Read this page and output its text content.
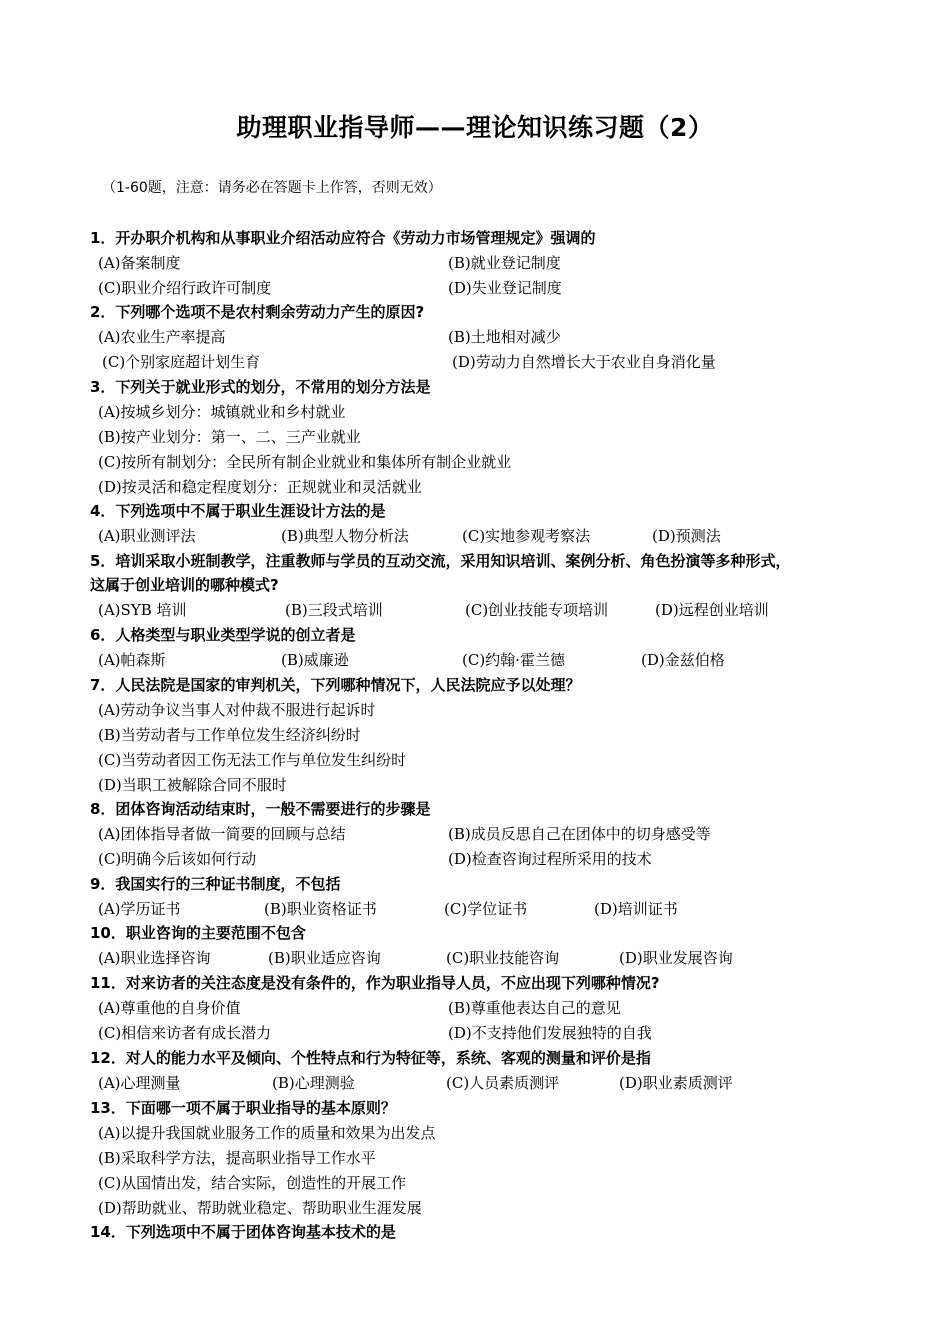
助理职业指导师——理论知识练习题（2）
（1-60题，注意：请务必在答题卡上作答，否则无效）
1．开办职介机构和从事职业介绍活动应符合《劳动力市场管理规定》强调的
(A)备案制度	(B)就业登记制度
(C)职业介绍行政许可制度	(D)失业登记制度
2．下列哪个选项不是农村剩余劳动力产生的原因?
(A)农业生产率提高	(B)土地相对减少
(C)个别家庭超计划生育	(D)劳动力自然增长大于农业自身消化量
3．下列关于就业形式的划分，不常用的划分方法是
(A)按城乡划分：城镇就业和乡村就业
(B)按产业划分：第一、二、三产业就业
(C)按所有制划分：全民所有制企业就业和集体所有制企业就业
(D)按灵活和稳定程度划分：正规就业和灵活就业
4．下列选项中不属于职业生涯设计方法的是
(A)职业测评法	(B)典型人物分析法	(C)实地参观考察法	(D)预测法
5．培训采取小班制教学，注重教师与学员的互动交流，采用知识培训、案例分析、角色扮演等多种形式，
这属于创业培训的哪种模式?
(A)SYB 培训	(B)三段式培训	(C)创业技能专项培训	(D)远程创业培训
6．人格类型与职业类型学说的创立者是
(A)帕森斯	(B)威廉逊	(C)约翰·霍兰德	(D)金兹伯格
7．人民法院是国家的审判机关，下列哪种情况下，人民法院应予以处理？
(A)劳动争议当事人对仲裁不服进行起诉时
(B)当劳动者与工作单位发生经济纠纷时
(C)当劳动者因工伤无法工作与单位发生纠纷时
(D)当职工被解除合同不服时
8．团体咨询活动结束时，一般不需要进行的步骤是
(A)团体指导者做一简要的回顾与总结	(B)成员反思自己在团体中的切身感受等
(C)明确今后该如何行动	(D)检查咨询过程所采用的技术
9．我国实行的三种证书制度，不包括
(A)学历证书	(B)职业资格证书	(C)学位证书	(D)培训证书
10．职业咨询的主要范围不包含
(A)职业选择咨询	(B)职业适应咨询	(C)职业技能咨询	(D)职业发展咨询
11．对来访者的关注态度是没有条件的，作为职业指导人员，不应出现下列哪种情况?
(A)尊重他的自身价值	(B)尊重他表达自己的意见
(C)相信来访者有成长潜力	(D)不支持他们发展独特的自我
12．对人的能力水平及倾向、个性特点和行为特征等，系统、客观的测量和评价是指
(A)心理测量	(B)心理测验	(C)人员素质测评	(D)职业素质测评
13．下面哪一项不属于职业指导的基本原则？
(A)以提升我国就业服务工作的质量和效果为出发点
(B)采取科学方法，提高职业指导工作水平
(C)从国情出发，结合实际，创造性的开展工作
(D)帮助就业、帮助就业稳定、帮助职业生涯发展
14．下列选项中不属于团体咨询基本技术的是
